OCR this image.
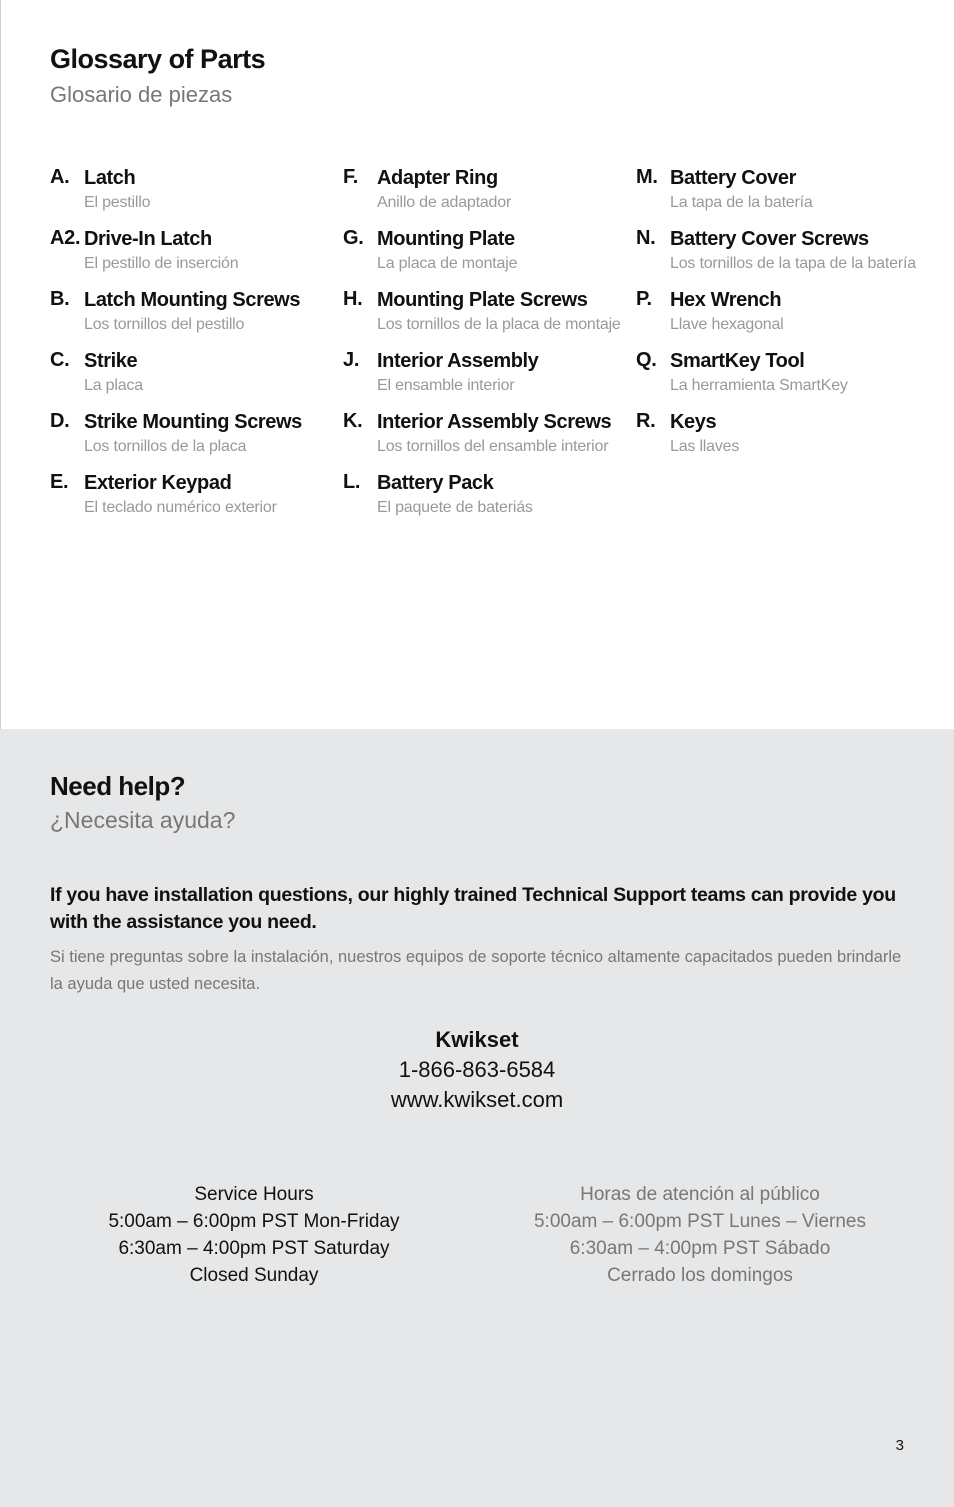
Glossary of Parts
Glosario de piezas
A. Latch
El pestillo
A2. Drive-In Latch
El pestillo de inserción
B. Latch Mounting Screws
Los tornillos del pestillo
C. Strike
La placa
D. Strike Mounting Screws
Los tornillos de la placa
E. Exterior Keypad
El teclado numérico exterior
F. Adapter Ring
Anillo de adaptador
G. Mounting Plate
La placa de montaje
H. Mounting Plate Screws
Los tornillos de la placa de montaje
J. Interior Assembly
El ensamble interior
K. Interior Assembly Screws
Los tornillos del ensamble interior
L. Battery Pack
El paquete de bateriás
M. Battery Cover
La tapa de la batería
N. Battery Cover Screws
Los tornillos de la tapa de la batería
P. Hex Wrench
Llave hexagonal
Q. SmartKey Tool
La herramienta SmartKey
R. Keys
Las llaves
Need help?
¿Necesita ayuda?

If you have installation questions, our highly trained Technical Support teams can provide you with the assistance you need.

Si tiene preguntas sobre la instalación, nuestros equipos de soporte técnico altamente capacitados pueden brindarle la ayuda que usted necesita.

Kwikset
1-866-863-6584
www.kwikset.com
Service Hours
5:00am – 6:00pm PST Mon-Friday
6:30am – 4:00pm PST Saturday
Closed Sunday
Horas de atención al público
5:00am – 6:00pm PST Lunes – Viernes
6:30am – 4:00pm PST Sábado
Cerrado los domingos
3
